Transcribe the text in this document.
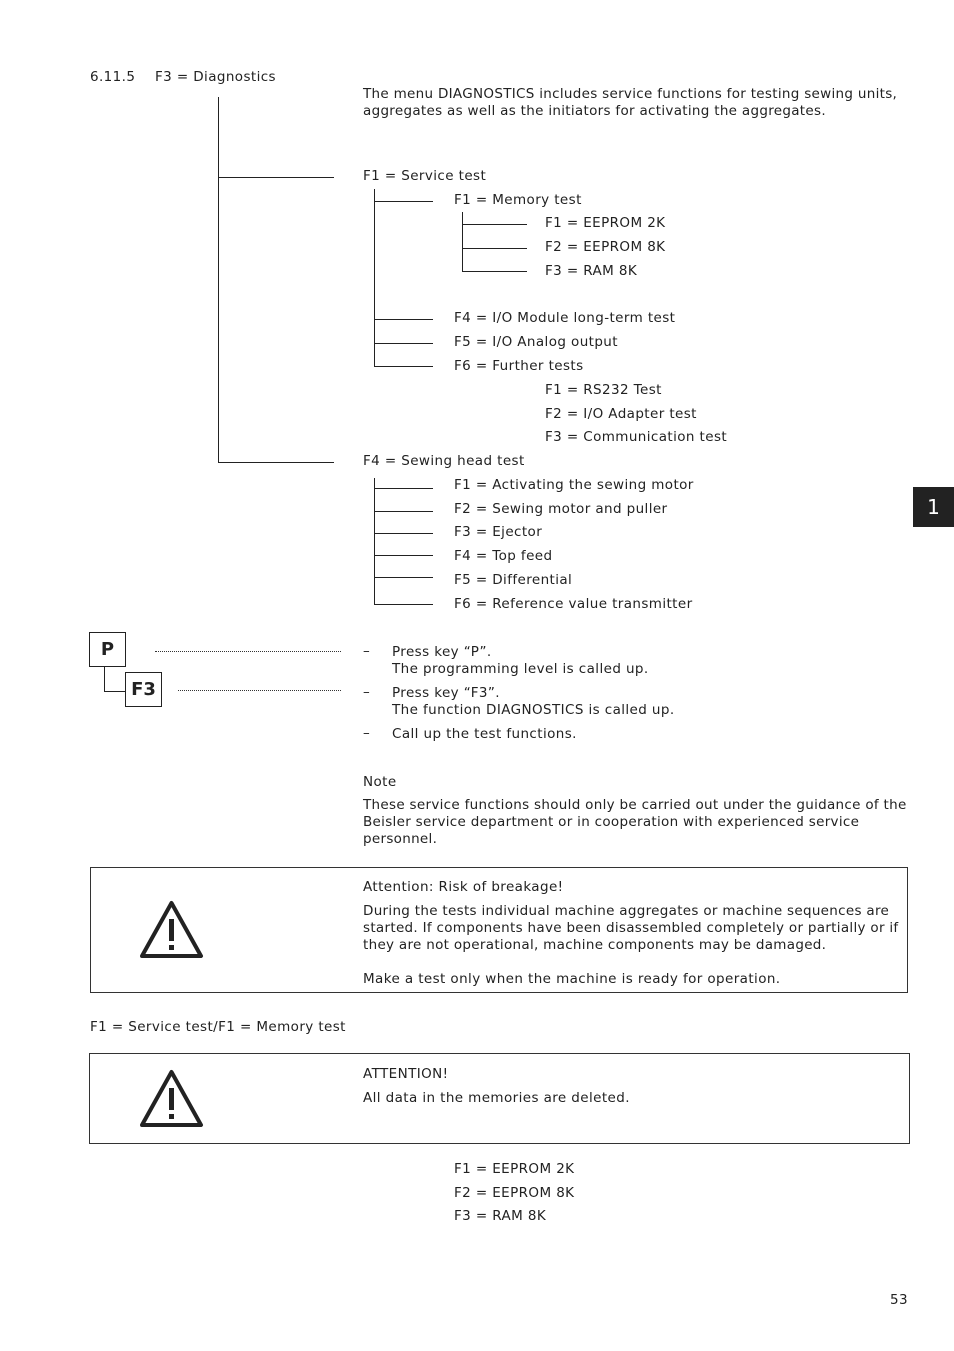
6.11.5 F3 = Diagnostics
The menu DIAGNOSTICS includes service functions for testing sewing units, aggregates as well as the initiators for activating the aggregates.
F1 = Service test
F1 = Memory test
F1 = EEPROM 2K
F2 = EEPROM 8K
F3 = RAM 8K
F4 = I/O Module long-term test
F5 = I/O Analog output
F6 = Further tests
F1 = RS232 Test
F2 = I/O Adapter test
F3 = Communication test
F4 = Sewing head test
F1 = Activating the sewing motor
F2 = Sewing motor and puller
F3 = Ejector
F4 = Top feed
F5 = Differential
F6 = Reference value transmitter
P
F3
– Press key “P”.
The programming level is called up.
– Press key “F3”.
The function DIAGNOSTICS is called up.
– Call up the test functions.
Note
These service functions should only be carried out under the guidance of the Beisler service department or in cooperation with experienced service personnel.
Attention: Risk of breakage!
During the tests individual machine aggregates or machine sequences are started. If components have been disassembled completely or partially or if they are not operational, machine components may be damaged.
Make a test only when the machine is ready for operation.
F1 = Service test/F1 = Memory test
ATTENTION!
All data in the memories are deleted.
F1 = EEPROM 2K
F2 = EEPROM 8K
F3 = RAM 8K
1
53
